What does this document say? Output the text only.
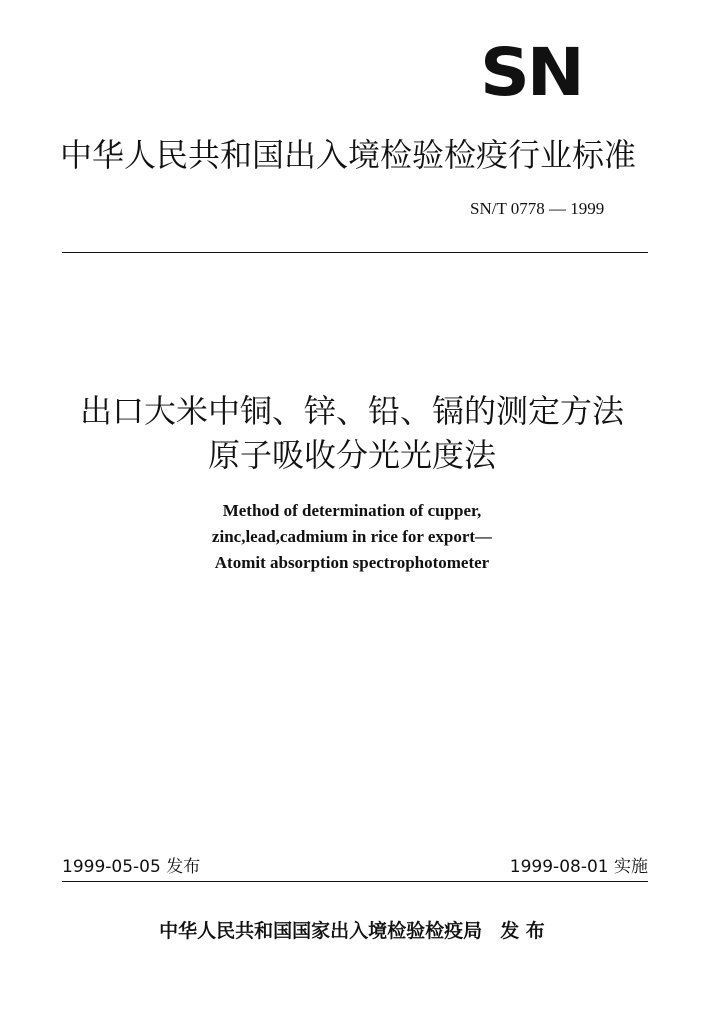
SN
中华人民共和国出入境检验检疫行业标准
SN/T 0778 — 1999
出口大米中铜、锌、铅、镉的测定方法
原子吸收分光光度法
Method of determination of cupper,
zinc,lead,cadmium in rice for export—
Atomit absorption spectrophotometer
1999-05-05 发布	1999-08-01 实施
中华人民共和国国家出入境检验检疫局 发 布
